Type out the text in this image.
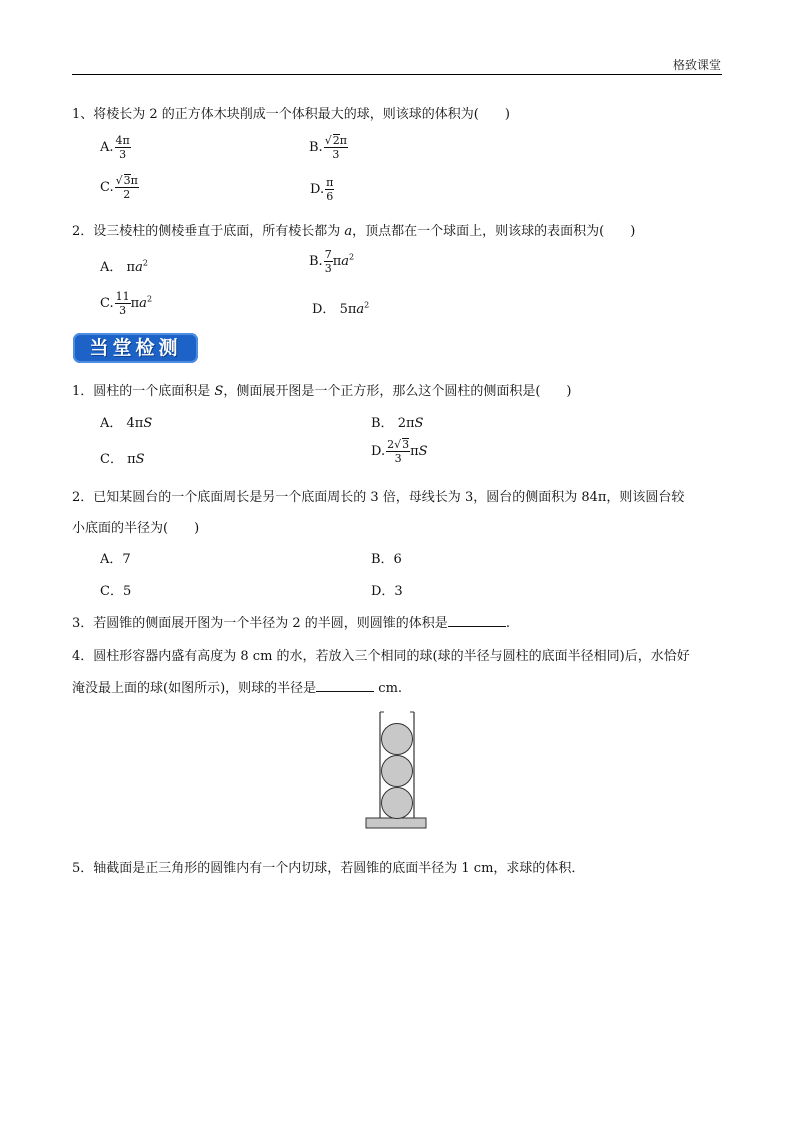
格致课堂
1、将棱长为 2 的正方体木块削成一个体积最大的球，则该球的体积为(　　)
A. $\frac{4\pi}{3}$	B. $\frac{√2\pi}{3}$
C. $\frac{√3\pi}{2}$	D. $\frac{\pi}{6}$
2．设三棱柱的侧棱垂直于底面，所有棱长都为 a，顶点都在一个球面上，则该球的表面积为(　　)
A． $\pi a^2$	B. $\frac{7}{3} \pi a^2$
C. $\frac{11}{3} \pi a^2$
D． $5\pi a^2$
当堂检测
1．圆柱的一个底面积是 S，侧面展开图是一个正方形，那么这个圆柱的侧面积是(　　)
A． 4πS	B． 2πS
C． πS
D. $\frac{2√3}{3}$ πS
2．已知某圆台的一个底面周长是另一个底面周长的 3 倍，母线长为 3，圆台的侧面积为 84π，则该圆台较
小底面的半径为(　　)
A．7	B．6
C．5	D．3
3．若圆锥的侧面展开图为一个半径为 2 的半圆，则圆锥的体积是	.
4．圆柱形容器内盛有高度为 8 cm 的水，若放入三个相同的球(球的半径与圆柱的底面半径相同)后，水恰好
淹没最上面的球(如图所示)，则球的半径是	cm.
5．轴截面是正三角形的圆锥内有一个内切球，若圆锥的底面半径为 1 cm，求球的体积．
